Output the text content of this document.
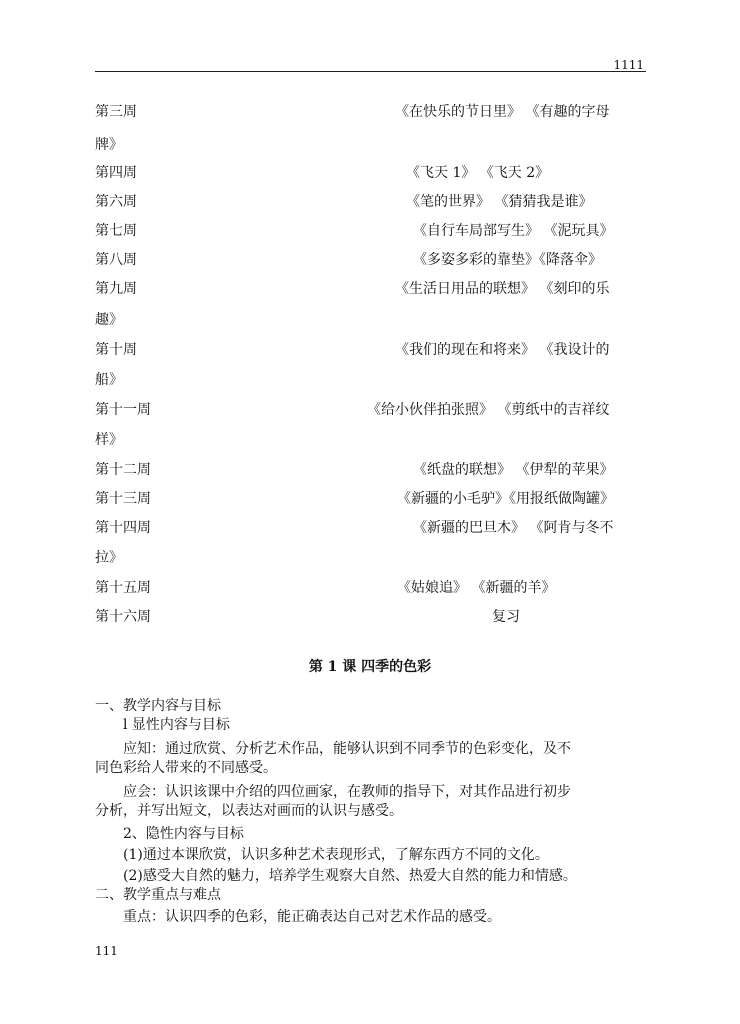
1111
第三周	《在快乐的节日里》 《有趣的字母
牌》
第四周	《飞天 1》 《飞天 2》
第六周	《笔的世界》 《猜猜我是谁》
第七周	《自行车局部写生》 《泥玩具》
第八周	《多姿多彩的靠垫》《降落伞》
第九周	《生活日用品的联想》 《刻印的乐
趣》
第十周	《我们的现在和将来》 《我设计的
船》
第十一周	《给小伙伴拍张照》 《剪纸中的吉祥纹
样》
第十二周	《纸盘的联想》 《伊犁的苹果》
第十三周	《新疆的小毛驴》《用报纸做陶罐》
第十四周	《新疆的巴旦木》 《阿肯与冬不
拉》
第十五周	《姑娘追》 《新疆的羊》
第十六周	复习
第 1 课 四季的色彩
一、教学内容与目标
l 显性内容与目标
应知：通过欣赏、分析艺术作品，能够认识到不同季节的色彩变化，及不
同色彩给人带来的不同感受。
应会：认识该课中介绍的四位画家，在教师的指导下，对其作品进行初步
分析，并写出短文，以表达对画而的认识与感受。
2、隐性内容与目标
(1)通过本课欣赏，认识多种艺术表现形式，了解东西方不同的文化。
(2)感受大自然的魅力，培养学生观察大自然、热爱大自然的能力和情感。
二、教学重点与难点
重点：认识四季的色彩，能正确表达自己对艺术作品的感受。
111
